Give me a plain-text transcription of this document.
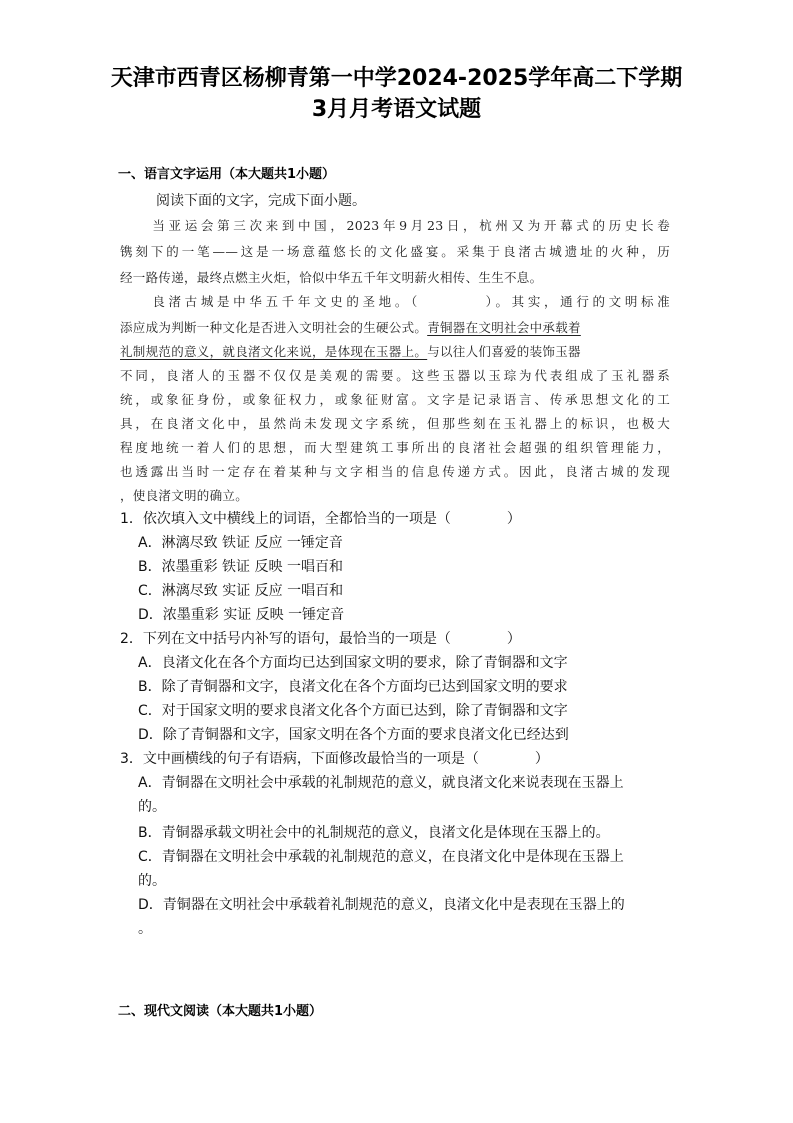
天津市西青区杨柳青第一中学2024-2025学年高二下学期
3月月考语文试题
一、语言文字运用（本大题共1小题）
阅读下面的文字，完成下面小题。
　　当亚运会第三次来到中国，2023年9月23日，杭州又为开幕式的历史长卷
镌刻下的一笔——这是一场意蕴悠长的文化盛宴。采集于良渚古城遗址的火种，历
经一路传递，最终点燃主火炬，恰似中华五千年文明薪火相传、生生不息。
　　良渚古城是中华五千年文史的圣地。（　　　　）。其实，通行的文明标准
添应成为判断一种文化是否进入文明社会的生硬公式。青铜器在文明社会中承载着
礼制规范的意义，就良渚文化来说，是体现在玉器上。与以往人们喜爱的装饰玉器
不同，良渚人的玉器不仅仅是美观的需要。这些玉器以玉琮为代表组成了玉礼器系
统，或象征身份，或象征权力，或象征财富。文字是记录语言、传承思想文化的工
具，在良渚文化中，虽然尚未发现文字系统，但那些刻在玉礼器上的标识，也极大
程度地统一着人们的思想，而大型建筑工事所出的良渚社会超强的组织管理能力，
也透露出当时一定存在着某种与文字相当的信息传递方式。因此，良渚古城的发现
，使良渚文明的确立。
1．依次填入文中横线上的词语，全都恰当的一项是（　　　　）
A．淋漓尽致 铁证 反应 一锤定音
B．浓墨重彩 铁证 反映 一唱百和
C．淋漓尽致 实证 反应 一唱百和
D．浓墨重彩 实证 反映 一锤定音
2．下列在文中括号内补写的语句，最恰当的一项是（　　　　）
A．良渚文化在各个方面均已达到国家文明的要求，除了青铜器和文字
B．除了青铜器和文字，良渚文化在各个方面均已达到国家文明的要求
C．对于国家文明的要求良渚文化各个方面已达到，除了青铜器和文字
D．除了青铜器和文字，国家文明在各个方面的要求良渚文化已经达到
3．文中画横线的句子有语病，下面修改最恰当的一项是（　　　　）
A．青铜器在文明社会中承载的礼制规范的意义，就良渚文化来说表现在玉器上
的。
B．青铜器承载文明社会中的礼制规范的意义，良渚文化是体现在玉器上的。
C．青铜器在文明社会中承载的礼制规范的意义，在良渚文化中是体现在玉器上
的。
D．青铜器在文明社会中承载着礼制规范的意义，良渚文化中是表现在玉器上的
。
二、现代文阅读（本大题共1小题）
